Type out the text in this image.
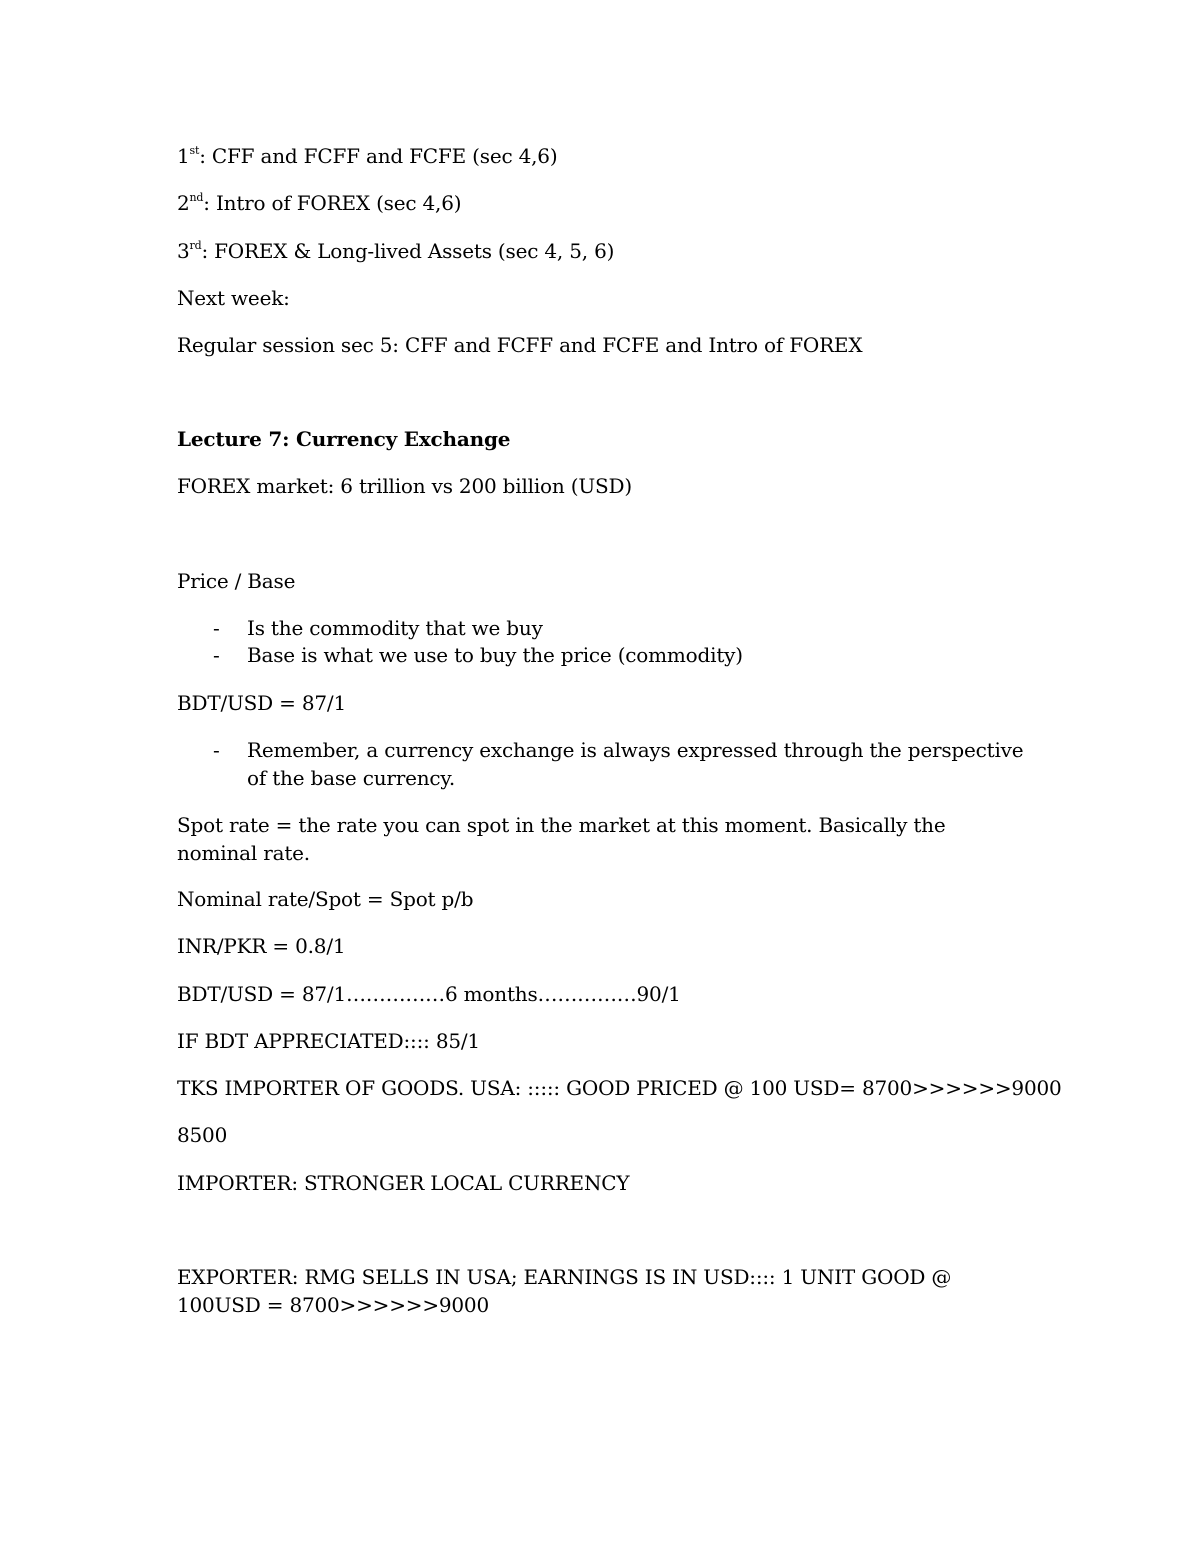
1st: CFF and FCFF and FCFE (sec 4,6)
2nd: Intro of FOREX (sec 4,6)
3rd: FOREX & Long-lived Assets (sec 4, 5, 6)
Next week:
Regular session sec 5: CFF and FCFF and FCFE and Intro of FOREX
Lecture 7: Currency Exchange
FOREX market: 6 trillion vs 200 billion (USD)
Price / Base
- Is the commodity that we buy
- Base is what we use to buy the price (commodity)
BDT/USD = 87/1
- Remember, a currency exchange is always expressed through the perspective of the base currency.
Spot rate = the rate you can spot in the market at this moment. Basically the nominal rate.
Nominal rate/Spot = Spot p/b
INR/PKR = 0.8/1
BDT/USD = 87/1……………6 months……………90/1
IF BDT APPRECIATED:::: 85/1
TKS IMPORTER OF GOODS. USA: ::::: GOOD PRICED @ 100 USD= 8700>>>>>>9000
8500
IMPORTER: STRONGER LOCAL CURRENCY
EXPORTER: RMG SELLS IN USA; EARNINGS IS IN USD:::: 1 UNIT GOOD @ 100USD = 8700>>>>>>9000
